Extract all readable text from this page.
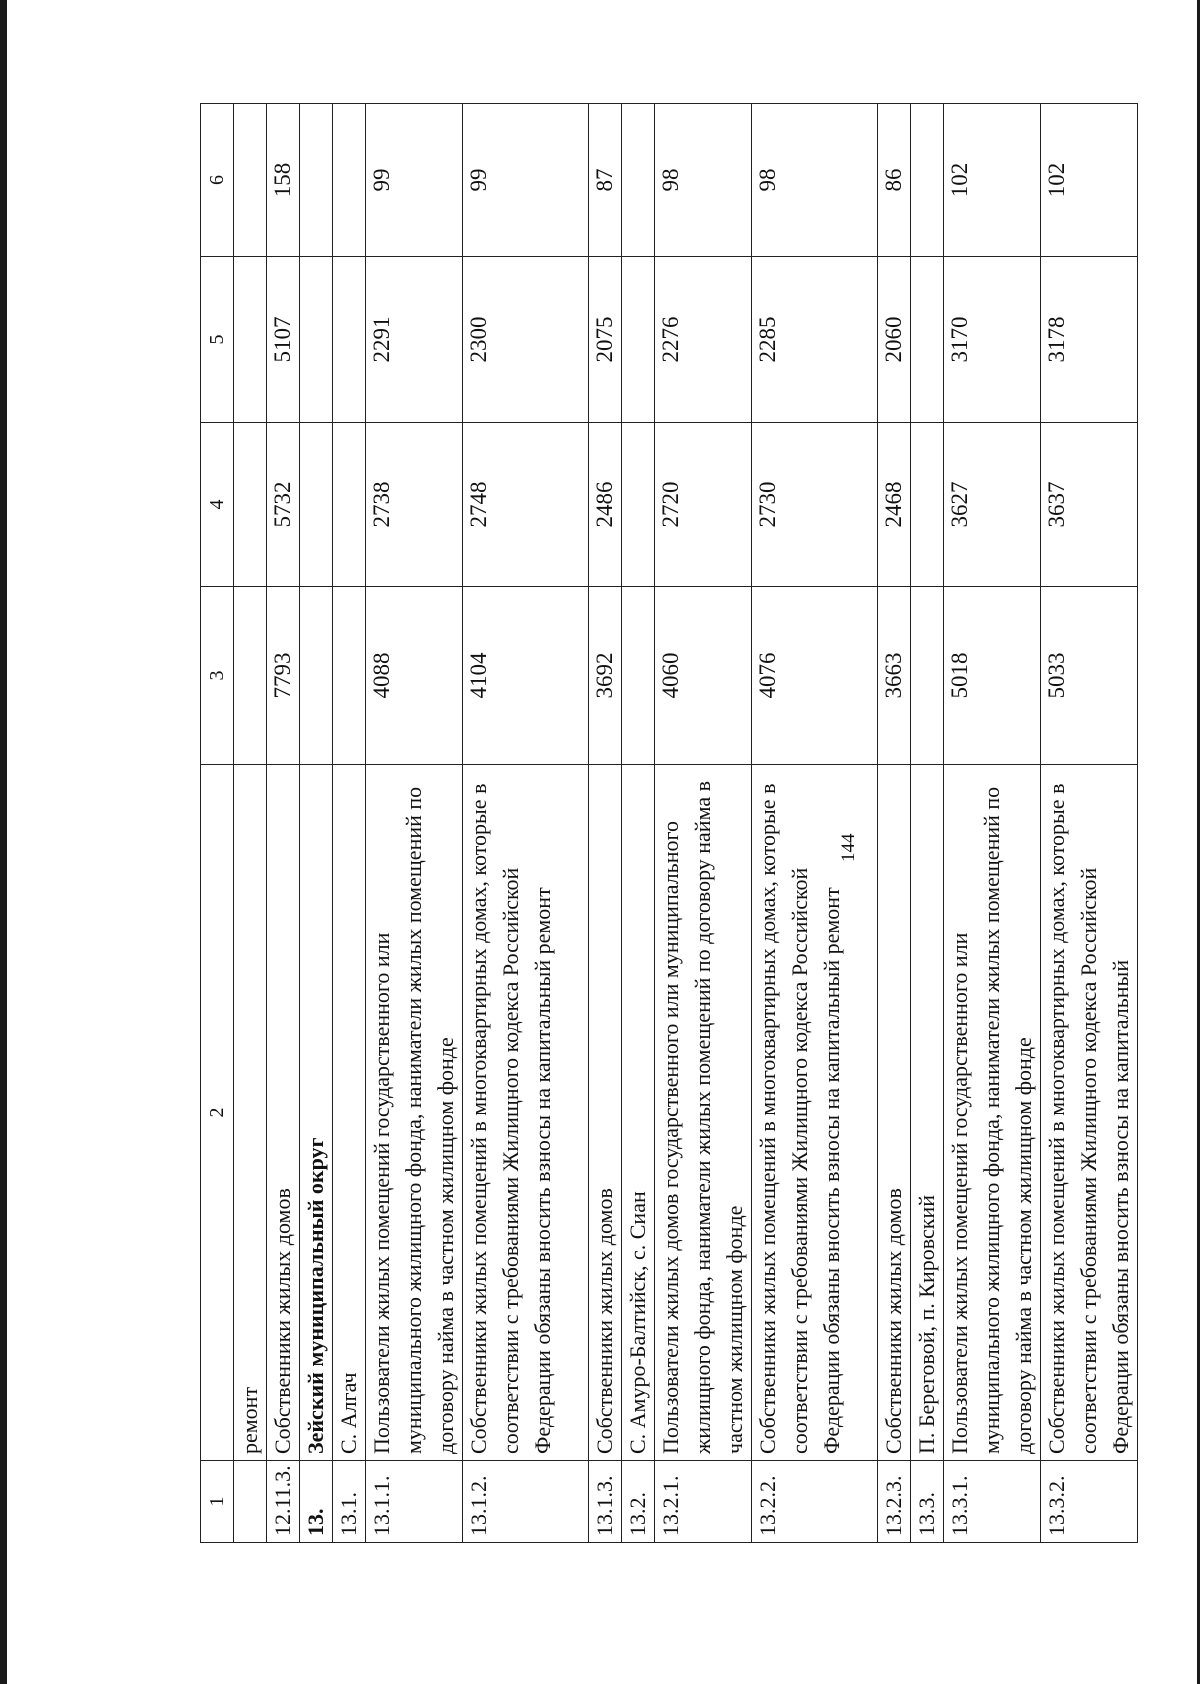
144
1	2	3	4	5	6
	ремонт				
12.11.3.	Собственники жилых домов	7793	5732	5107	158
13.	Зейский муниципальный округ				
13.1.	С. Алгач				
13.1.1.	Пользователи жилых помещений государственного или муниципального жилищного фонда, наниматели жилых помещений по договору найма в частном жилищном фонде	4088	2738	2291	99
13.1.2.	Собственники жилых помещений в многоквартирных домах, которые в соответствии с требованиями Жилищного кодекса Российской Федерации обязаны вносить взносы на капитальный ремонт	4104	2748	2300	99
13.1.3.	Собственники жилых домов	3692	2486	2075	87
13.2.	С. Амуро-Балтийск, с. Сиан				
13.2.1.	Пользователи жилых домов государственного или муниципального жилищного фонда, наниматели жилых помещений по договору найма в частном жилищном фонде	4060	2720	2276	98
13.2.2.	Собственники жилых помещений в многоквартирных домах, которые в соответствии с требованиями Жилищного кодекса Российской Федерации обязаны вносить взносы на капитальный ремонт	4076	2730	2285	98
13.2.3.	Собственники жилых домов	3663	2468	2060	86
13.3.	П. Береговой, п. Кировский				
13.3.1.	Пользователи жилых помещений государственного или муниципального жилищного фонда, наниматели жилых помещений по договору найма в частном жилищном фонде	5018	3627	3170	102
13.3.2.	Собственники жилых помещений в многоквартирных домах, которые в соответствии с требованиями Жилищного кодекса Российской Федерации обязаны вносить взносы на капитальный	5033	3637	3178	102
